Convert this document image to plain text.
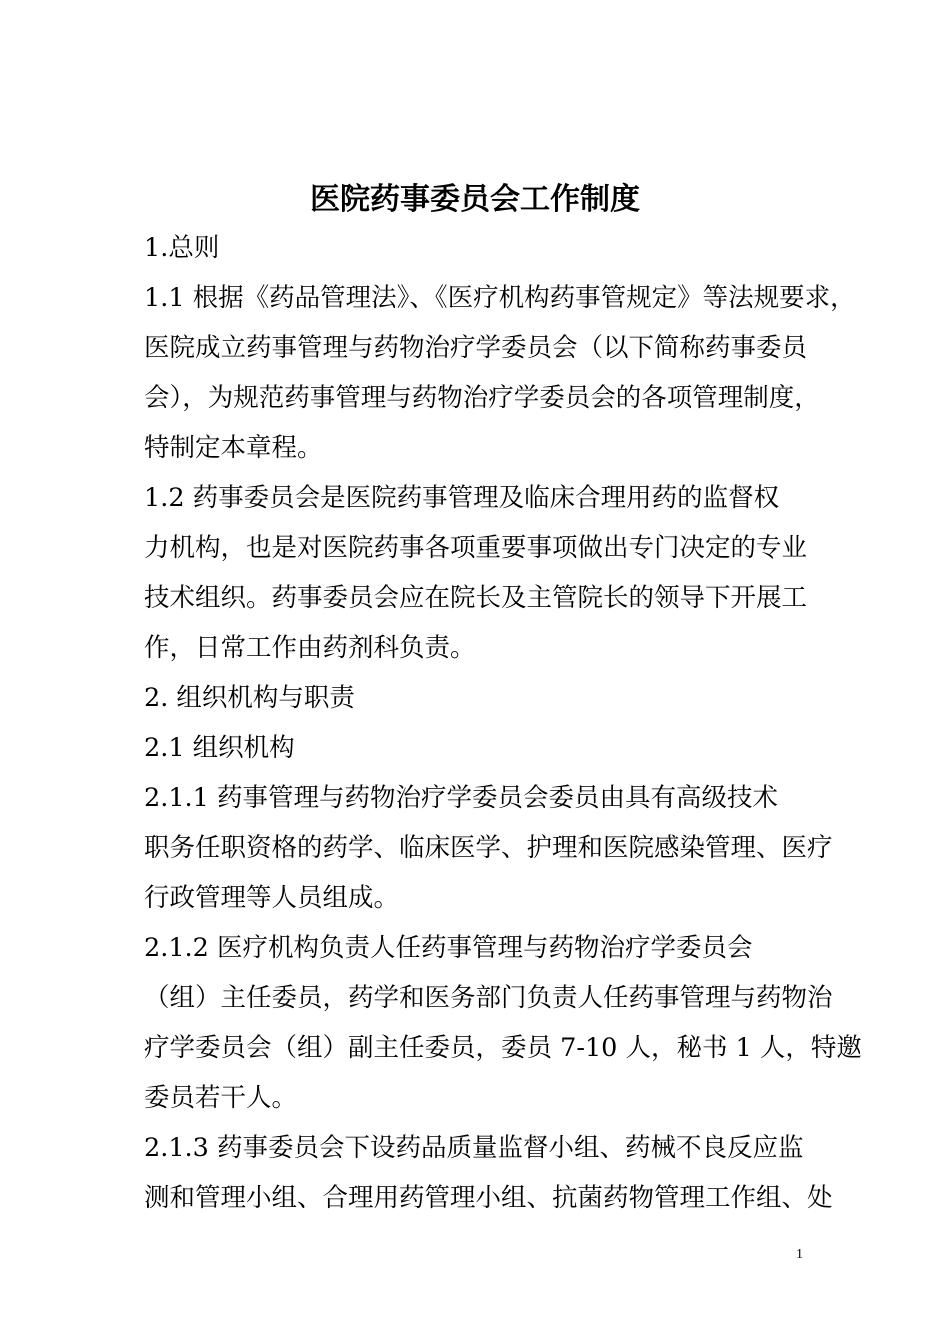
医院药事委员会工作制度
1.总则
1.1 根据《药品管理法》、《医疗机构药事管规定》等法规要求，
医院成立药事管理与药物治疗学委员会（以下简称药事委员
会），为规范药事管理与药物治疗学委员会的各项管理制度，
特制定本章程。
1.2 药事委员会是医院药事管理及临床合理用药的监督权
力机构，也是对医院药事各项重要事项做出专门决定的专业
技术组织。药事委员会应在院长及主管院长的领导下开展工
作，日常工作由药剂科负责。
2. 组织机构与职责
2.1 组织机构
2.1.1 药事管理与药物治疗学委员会委员由具有高级技术
职务任职资格的药学、临床医学、护理和医院感染管理、医疗
行政管理等人员组成。
2.1.2 医疗机构负责人任药事管理与药物治疗学委员会
（组）主任委员，药学和医务部门负责人任药事管理与药物治
疗学委员会（组）副主任委员，委员 7-10 人，秘书 1 人，特邀
委员若干人。
2.1.3 药事委员会下设药品质量监督小组、药械不良反应监
测和管理小组、合理用药管理小组、抗菌药物管理工作组、处
1
